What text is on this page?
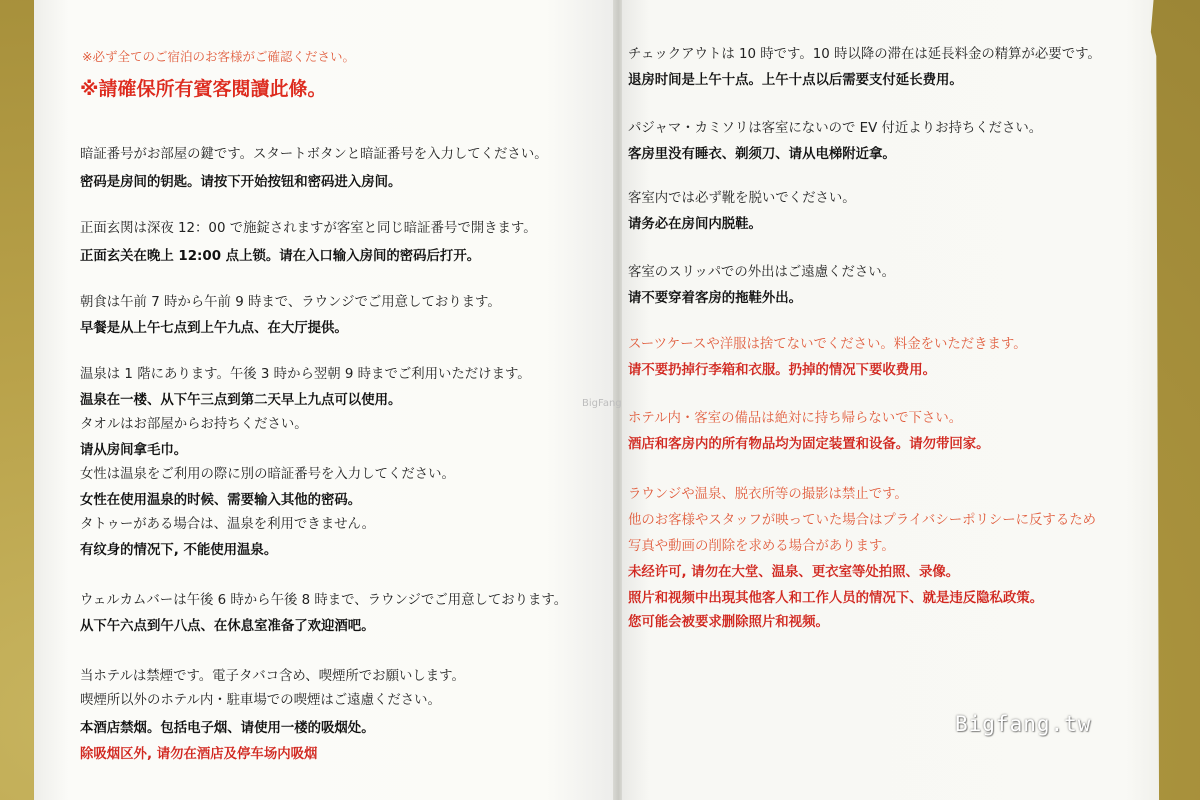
※必ず全てのご宿泊のお客様がご確認ください。
※請確保所有賓客閱讀此條。
暗証番号がお部屋の鍵です。スタートボタンと暗証番号を入力してください。
密码是房间的钥匙。请按下开始按钮和密码进入房间。
正面玄関は深夜 12：00 で施錠されますが客室と同じ暗証番号で開きます。
正面玄关在晚上 12:00 点上锁。请在入口输入房间的密码后打开。
朝食は午前 7 時から午前 9 時まで、ラウンジでご用意しております。
早餐是从上午七点到上午九点、在大厅提供。
温泉は 1 階にあります。午後 3 時から翌朝 9 時までご利用いただけます。
温泉在一楼、从下午三点到第二天早上九点可以使用。
タオルはお部屋からお持ちください。
请从房间拿毛巾。
女性は温泉をご利用の際に別の暗証番号を入力してください。
女性在使用温泉的时候、需要输入其他的密码。
タトゥーがある場合は、温泉を利用できません。
有纹身的情况下, 不能使用温泉。
ウェルカムバーは午後 6 時から午後 8 時まで、ラウンジでご用意しております。
从下午六点到午八点、在休息室准备了欢迎酒吧。
当ホテルは禁煙です。電子タバコ含め、喫煙所でお願いします。
喫煙所以外のホテル内・駐車場での喫煙はご遠慮ください。
本酒店禁烟。包括电子烟、请使用一楼的吸烟处。
除吸烟区外, 请勿在酒店及停车场内吸烟
BigFang
チェックアウトは 10 時です。10 時以降の滞在は延長料金の精算が必要です。
退房时间是上午十点。上午十点以后需要支付延长费用。
パジャマ・カミソリは客室にないので EV 付近よりお持ちください。
客房里没有睡衣、剃须刀、请从电梯附近拿。
客室内では必ず靴を脱いでください。
请务必在房间内脱鞋。
客室のスリッパでの外出はご遠慮ください。
请不要穿着客房的拖鞋外出。
スーツケースや洋服は捨てないでください。料金をいただきます。
请不要扔掉行李箱和衣服。扔掉的情况下要收费用。
ホテル内・客室の備品は絶対に持ち帰らないで下さい。
酒店和客房内的所有物品均为固定装置和设备。请勿带回家。
ラウンジや温泉、脱衣所等の撮影は禁止です。
他のお客様やスタッフが映っていた場合はプライバシーポリシーに反するため
写真や動画の削除を求める場合があります。
未经许可, 请勿在大堂、温泉、更衣室等处拍照、录像。
照片和视频中出現其他客人和工作人员的情况下、就是违反隐私政策。
您可能会被要求删除照片和视频。
Bigfang.tw
